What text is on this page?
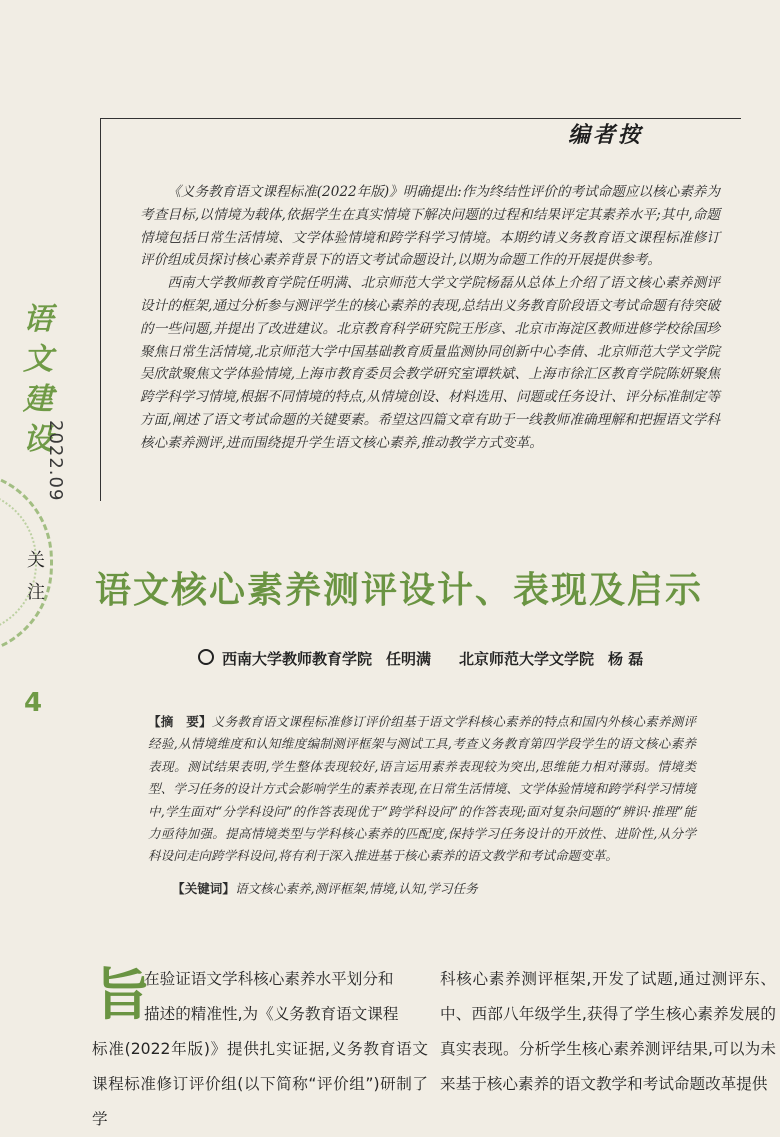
语
文
建
设
2022.09
关
注
4
编者按

《义务教育语文课程标准(2022年版)》明确提出:作为终结性评价的考试命题应以核心素养为考查目标,以情境为载体,依据学生在真实情境下解决问题的过程和结果评定其素养水平;其中,命题情境包括日常生活情境、文学体验情境和跨学科学习情境。本期约请义务教育语文课程标准修订评价组成员探讨核心素养背景下的语文考试命题设计,以期为命题工作的开展提供参考。

西南大学教师教育学院任明满、北京师范大学文学院杨磊从总体上介绍了语文核心素养测评设计的框架,通过分析参与测评学生的核心素养的表现,总结出义务教育阶段语文考试命题有待突破的一些问题,并提出了改进建议。北京教育科学研究院王彤彦、北京市海淀区教师进修学校徐国珍聚焦日常生活情境,北京师范大学中国基础教育质量监测协同创新中心李倩、北京师范大学文学院吴欣歆聚焦文学体验情境,上海市教育委员会教学研究室谭轶斌、上海市徐汇区教育学院陈妍聚焦跨学科学习情境,根据不同情境的特点,从情境创设、材料选用、问题或任务设计、评分标准制定等方面,阐述了语文考试命题的关键要素。希望这四篇文章有助于一线教师准确理解和把握语文学科核心素养测评,进而围绕提升学生语文核心素养,推动教学方式变革。

语文核心素养测评设计、表现及启示
西南大学教师教育学院 任明满 北京师范大学文学院 杨 磊
【摘　要】义务教育语文课程标准修订评价组基于语文学科核心素养的特点和国内外核心素养测评经验,从情境维度和认知维度编制测评框架与测试工具,考查义务教育第四学段学生的语文核心素养表现。测试结果表明,学生整体表现较好,语言运用素养表现较为突出,思维能力相对薄弱。情境类型、学习任务的设计方式会影响学生的素养表现,在日常生活情境、文学体验情境和跨学科学习情境中,学生面对“分学科设问”的作答表现优于“跨学科设问”的作答表现;面对复杂问题的“辨识·推理”能力亟待加强。提高情境类型与学科核心素养的匹配度,保持学习任务设计的开放性、进阶性,从分学科设问走向跨学科设问,将有利于深入推进基于核心素养的语文教学和考试命题变革。
【关键词】语文核心素养,测评框架,情境,认知,学习任务
旨
在验证语文学科核心素养水平划分和
描述的精准性,为《义务教育语文课程
标准(2022年版)》提供扎实证据,义务教育语文课程标准修订评价组(以下简称“评价组”)研制了学
科核心素养测评框架,开发了试题,通过测评东、中、西部八年级学生,获得了学生核心素养发展的真实表现。分析学生核心素养测评结果,可以为未来基于核心素养的语文教学和考试命题改革提供
